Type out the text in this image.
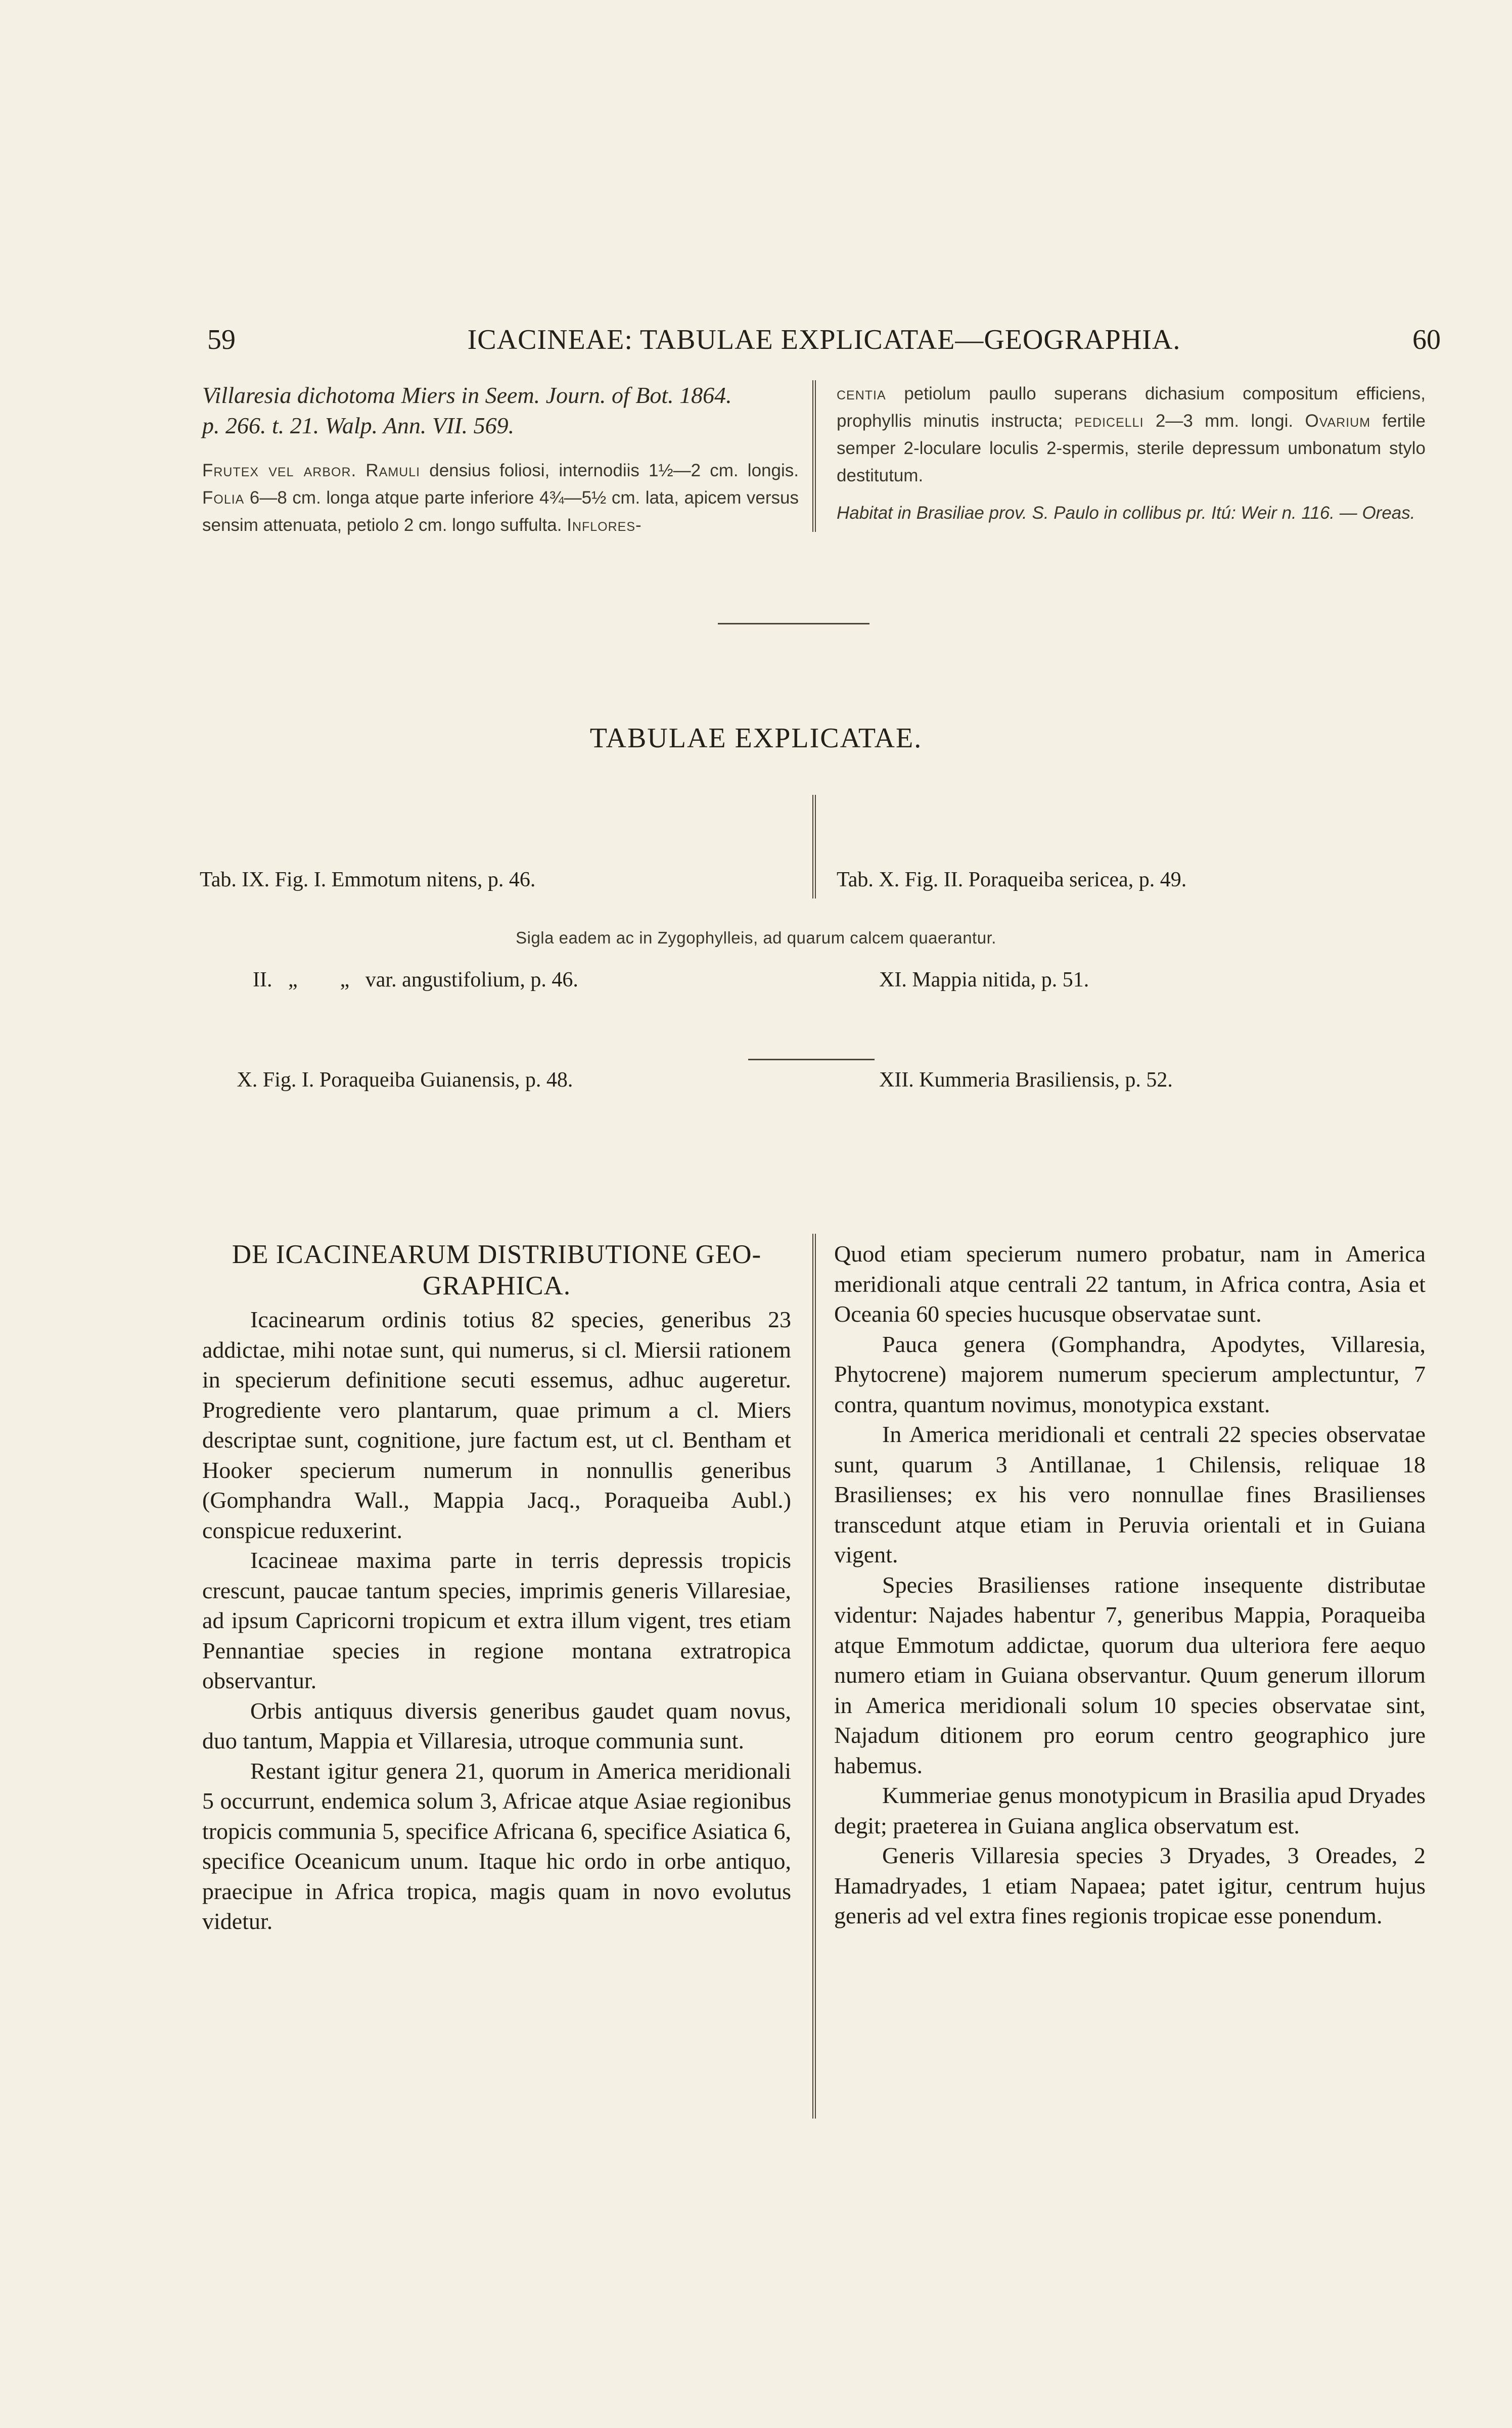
59	ICACINEAE: TABULAE EXPLICATAE—GEOGRAPHIA.	60
Villaresia dichotoma Miers in Seem. Journ. of Bot. 1864.
p. 266. t. 21. Walp. Ann. VII. 569.
Frutex vel arbor. Ramuli densius foliosi, internodiis 1½—2 cm. longis. Folia 6—8 cm. longa atque parte inferiore 4¾—5½ cm. lata, apicem versus sensim attenuata, petiolo 2 cm. longo suffulta. Inflores-
centia petiolum paullo superans dichasium compositum efficiens, prophyllis minutis instructa; pedicelli 2—3 mm. longi. Ovarium fertile semper 2-loculare loculis 2-spermis, sterile depressum umbonatum stylo destitutum.
Habitat in Brasiliae prov. S. Paulo in collibus pr. Itú: Weir n. 116. — Oreas.
TABULAE EXPLICATAE.

Tab. IX. Fig. I. Emmotum nitens, p. 46.

II.   „        „   var. angustifolium, p. 46.

X. Fig. I. Poraqueiba Guianensis, p. 48.

Tab. X. Fig. II. Poraqueiba sericea, p. 49.

XI. Mappia nitida, p. 51.

XII. Kummeria Brasiliensis, p. 52.

Sigla eadem ac in Zygophylleis, ad quarum calcem quaerantur.
DE ICACINEARUM DISTRIBUTIONE GEO-
GRAPHICA.

Icacinearum ordinis totius 82 species, generibus 23 addictae, mihi notae sunt, qui numerus, si cl. Miersii rationem in specierum definitione secuti essemus, adhuc augeretur. Progrediente vero plantarum, quae primum a cl. Miers descriptae sunt, cognitione, jure factum est, ut cl. Bentham et Hooker specierum numerum in nonnullis generibus (Gomphandra Wall., Mappia Jacq., Poraqueiba Aubl.) conspicue reduxerint.

Icacineae maxima parte in terris depressis tropicis crescunt, paucae tantum species, imprimis generis Villaresiae, ad ipsum Capricorni tropicum et extra illum vigent, tres etiam Pennantiae species in regione montana extratropica observantur.

Orbis antiquus diversis generibus gaudet quam novus, duo tantum, Mappia et Villaresia, utroque communia sunt.

Restant igitur genera 21, quorum in America meridionali 5 occurrunt, endemica solum 3, Africae atque Asiae regionibus tropicis communia 5, specifice Africana 6, specifice Asiatica 6, specifice Oceanicum unum. Itaque hic ordo in orbe antiquo, praecipue in Africa tropica, magis quam in novo evolutus videtur.

Quod etiam specierum numero probatur, nam in America meridionali atque centrali 22 tantum, in Africa contra, Asia et Oceania 60 species hucusque observatae sunt.

Pauca genera (Gomphandra, Apodytes, Villaresia, Phytocrene) majorem numerum specierum amplectuntur, 7 contra, quantum novimus, monotypica exstant.

In America meridionali et centrali 22 species observatae sunt, quarum 3 Antillanae, 1 Chilensis, reliquae 18 Brasilienses; ex his vero nonnullae fines Brasilienses transcedunt atque etiam in Peruvia orientali et in Guiana vigent.

Species Brasilienses ratione insequente distributae videntur: Najades habentur 7, generibus Mappia, Poraqueiba atque Emmotum addictae, quorum dua ulteriora fere aequo numero etiam in Guiana observantur. Quum generum illorum in America meridionali solum 10 species observatae sint, Najadum ditionem pro eorum centro geographico jure habemus.

Kummeriae genus monotypicum in Brasilia apud Dryades degit; praeterea in Guiana anglica observatum est.

Generis Villaresia species 3 Dryades, 3 Oreades, 2 Hamadryades, 1 etiam Napaea; patet igitur, centrum hujus generis ad vel extra fines regionis tropicae esse ponendum.
